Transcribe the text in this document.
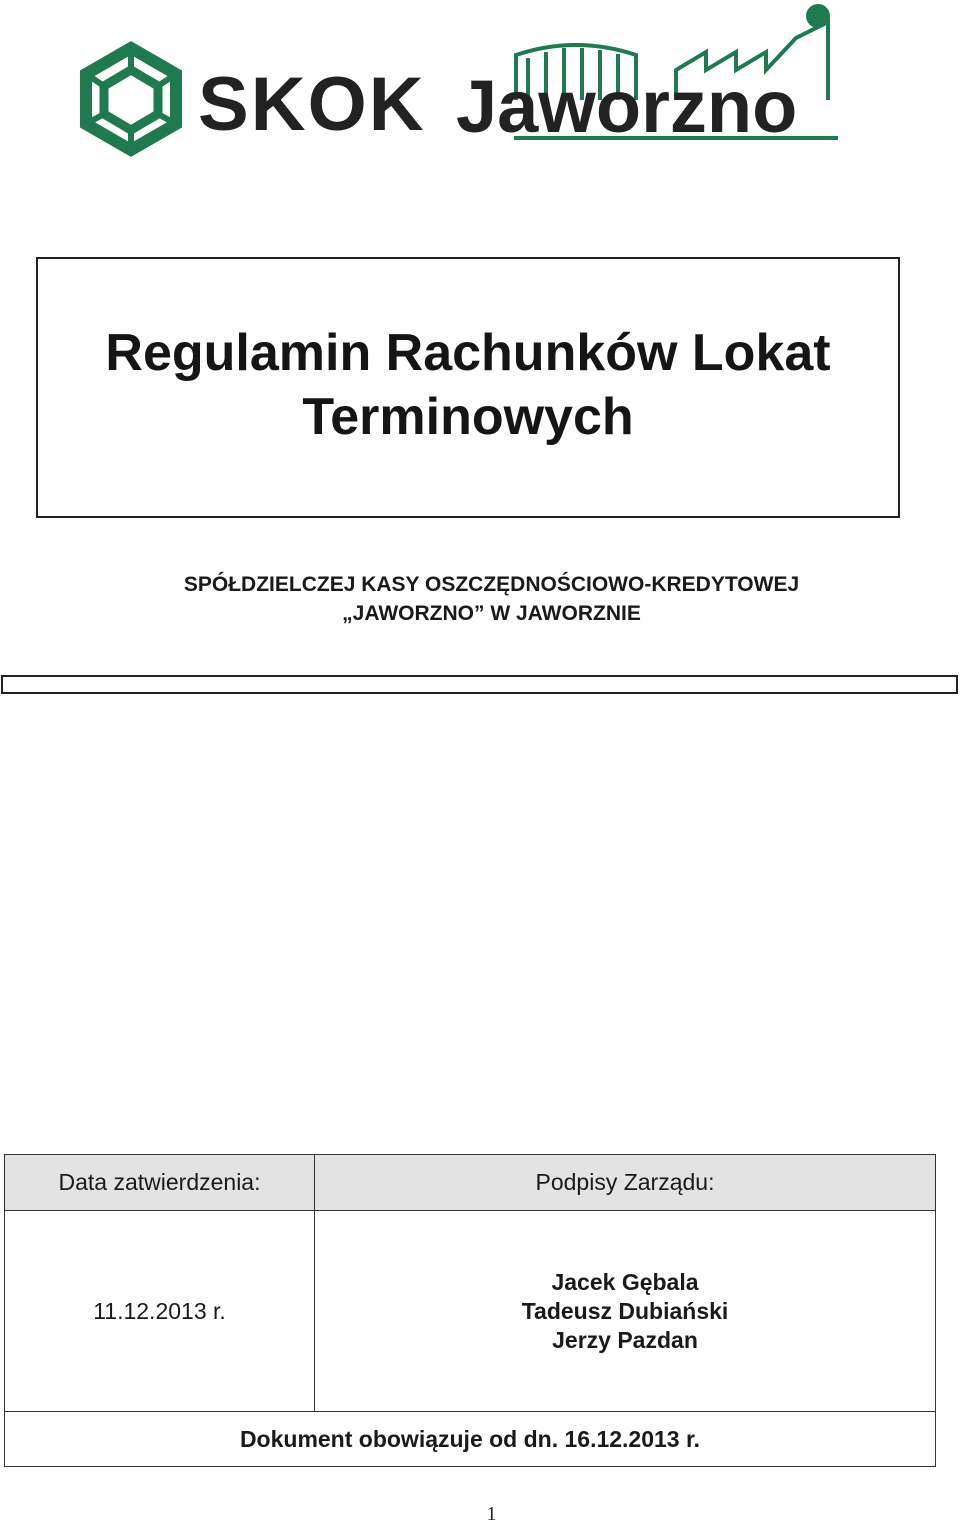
SKOK Jaworzno
Regulamin Rachunków Lokat
Terminowych
SPÓŁDZIELCZEJ KASY OSZCZĘDNOŚCIOWO-KREDYTOWEJ
„JAWORZNO” W JAWORZNIE
Data zatwierdzenia:	Podpisy Zarządu:

11.12.2013 r.	Jacek Gębala
Tadeusz Dubiański
Jerzy Pazdan

Dokument obowiązuje od dn. 16.12.2013 r.	
1
